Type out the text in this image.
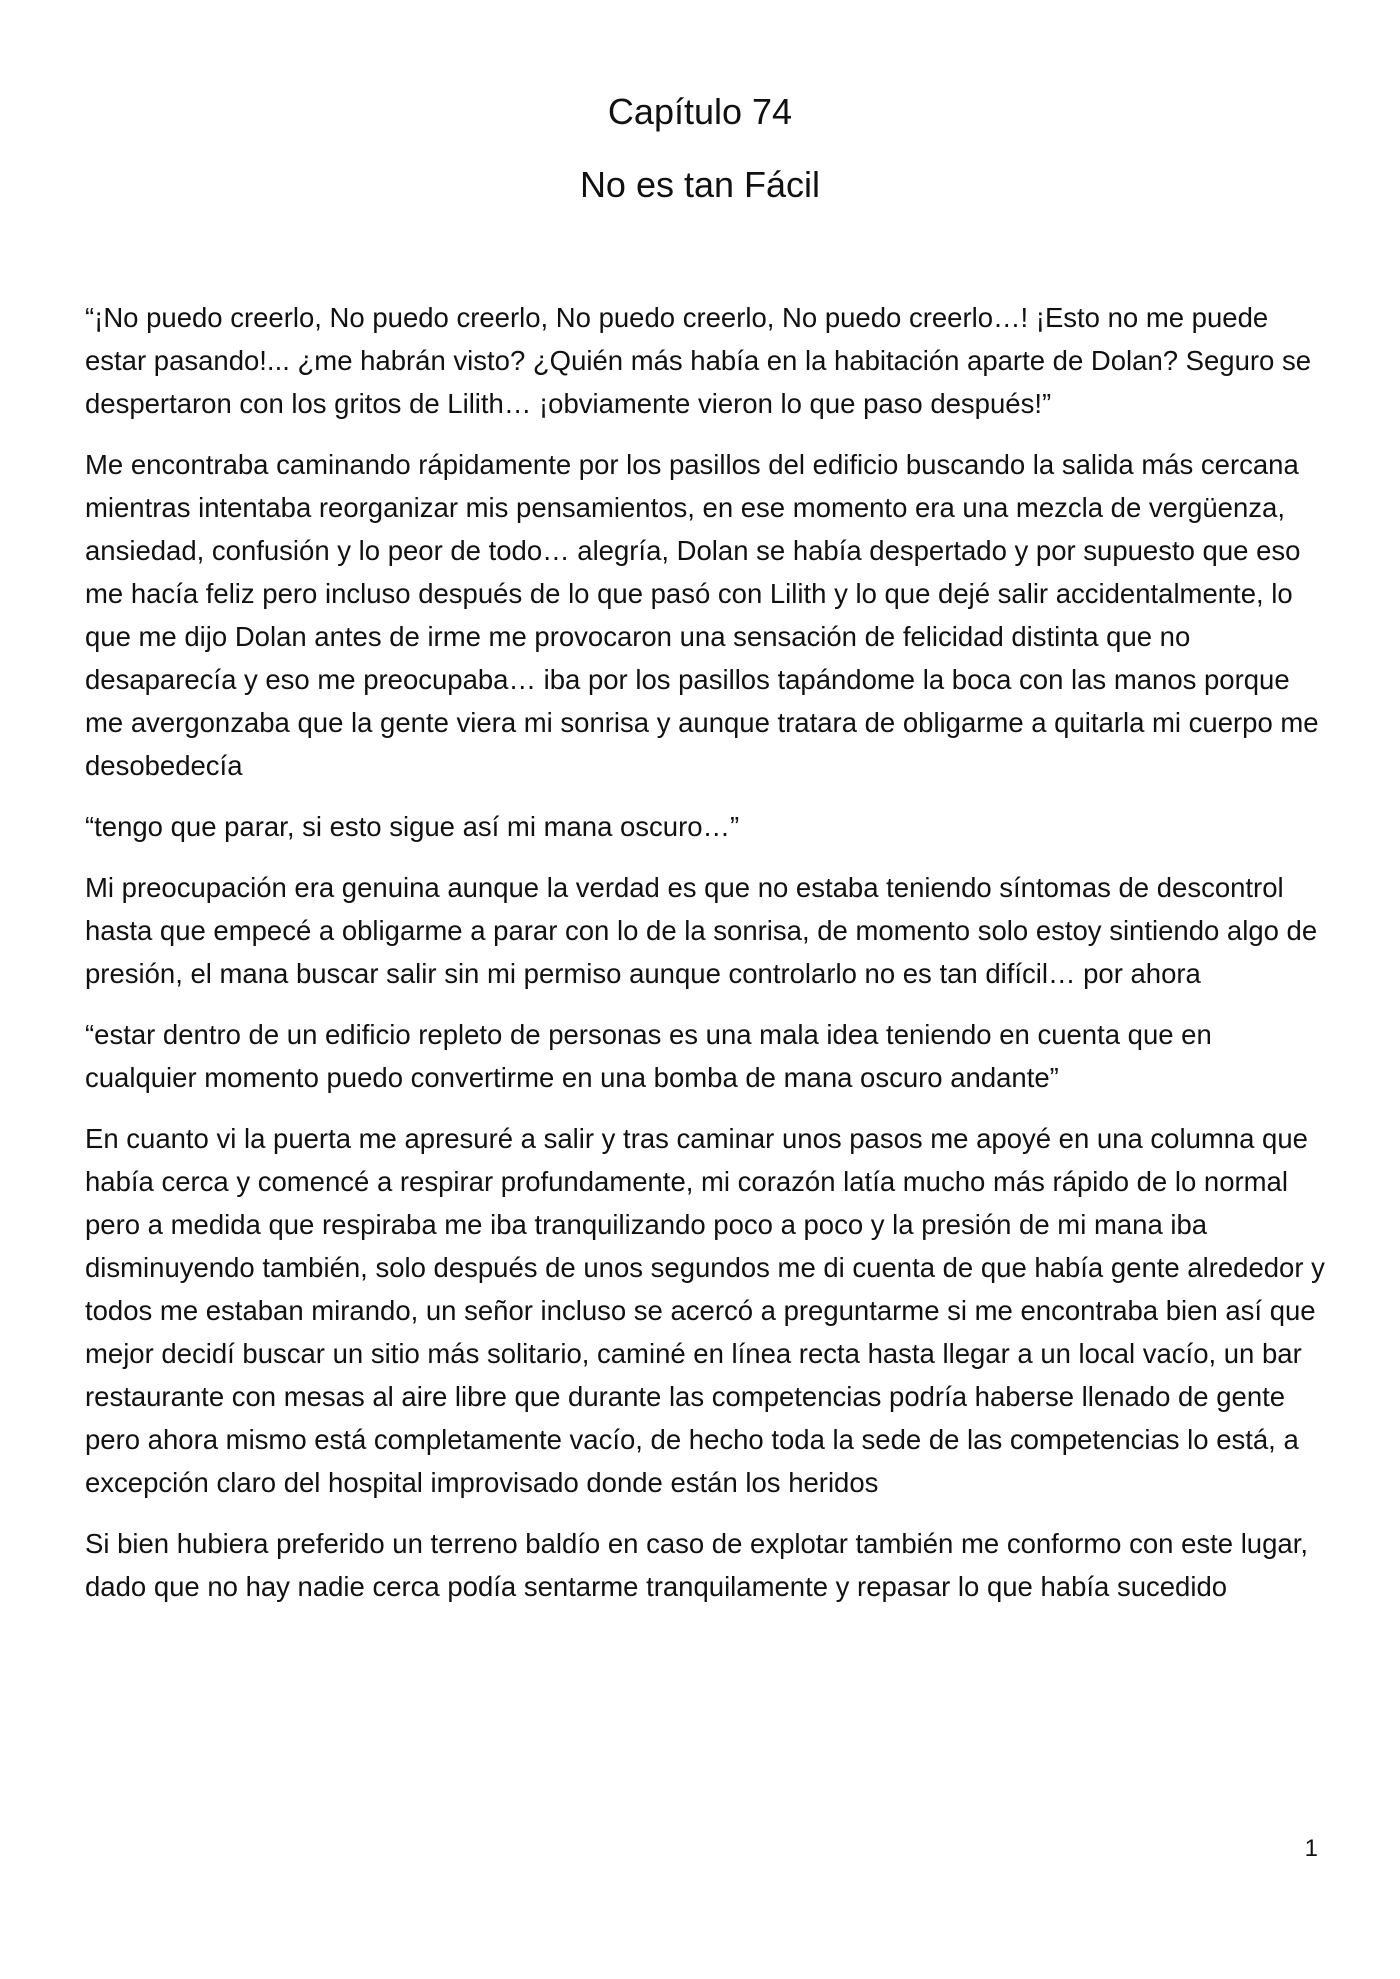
Capítulo 74
No es tan Fácil

“¡No puedo creerlo, No puedo creerlo, No puedo creerlo, No puedo creerlo…! ¡Esto no me puede estar pasando!... ¿me habrán visto? ¿Quién más había en la habitación aparte de Dolan? Seguro se despertaron con los gritos de Lilith… ¡obviamente vieron lo que paso después!”

Me encontraba caminando rápidamente por los pasillos del edificio buscando la salida más cercana mientras intentaba reorganizar mis pensamientos, en ese momento era una mezcla de vergüenza, ansiedad, confusión y lo peor de todo… alegría, Dolan se había despertado y por supuesto que eso me hacía feliz pero incluso después de lo que pasó con Lilith y lo que dejé salir accidentalmente, lo que me dijo Dolan antes de irme me provocaron una sensación de felicidad distinta que no desaparecía y eso me preocupaba… iba por los pasillos tapándome la boca con las manos porque me avergonzaba que la gente viera mi sonrisa y aunque tratara de obligarme a quitarla mi cuerpo me desobedecía

“tengo que parar, si esto sigue así mi mana oscuro…”

Mi preocupación era genuina aunque la verdad es que no estaba teniendo síntomas de descontrol hasta que empecé a obligarme a parar con lo de la sonrisa, de momento solo estoy sintiendo algo de presión, el mana buscar salir sin mi permiso aunque controlarlo no es tan difícil… por ahora

“estar dentro de un edificio repleto de personas es una mala idea teniendo en cuenta que en cualquier momento puedo convertirme en una bomba de mana oscuro andante”

En cuanto vi la puerta me apresuré a salir y tras caminar unos pasos me apoyé en una columna que había cerca y comencé a respirar profundamente, mi corazón latía mucho más rápido de lo normal pero a medida que respiraba me iba tranquilizando poco a poco y la presión de mi mana iba disminuyendo también, solo después de unos segundos me di cuenta de que había gente alrededor y todos me estaban mirando, un señor incluso se acercó a preguntarme si me encontraba bien así que mejor decidí buscar un sitio más solitario, caminé en línea recta hasta llegar a un local vacío, un bar restaurante con mesas al aire libre que durante las competencias podría haberse llenado de gente pero ahora mismo está completamente vacío, de hecho toda la sede de las competencias lo está, a excepción claro del hospital improvisado donde están los heridos

Si bien hubiera preferido un terreno baldío en caso de explotar también me conformo con este lugar, dado que no hay nadie cerca podía sentarme tranquilamente y repasar lo que había sucedido

1
